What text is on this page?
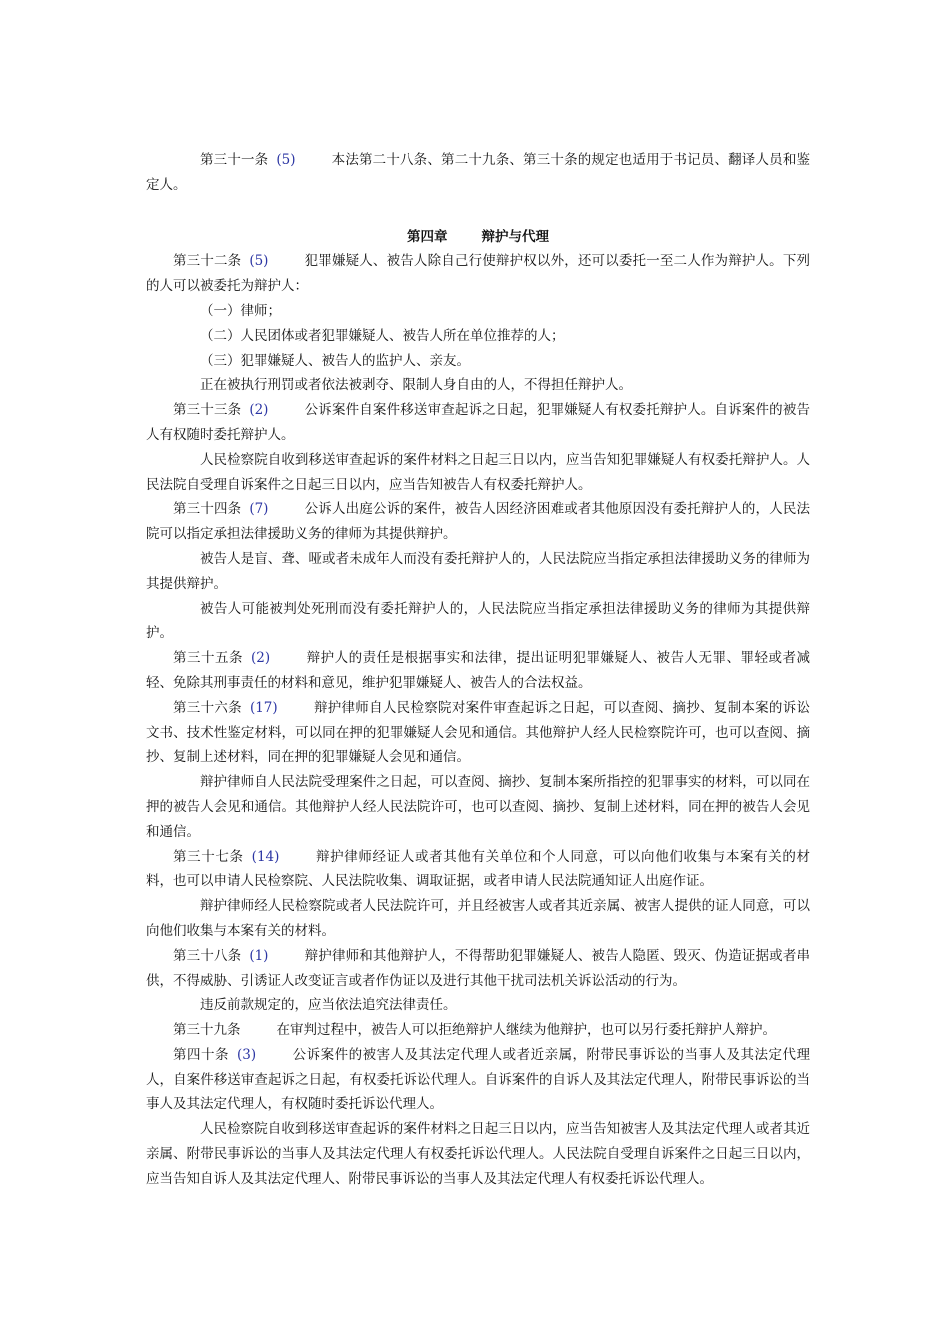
第三十一条 (5)	本法第二十八条、第二十九条、第三十条的规定也适用于书记员、翻译人员和鉴定人。

第四章	辩护与代理

第三十二条 (5)	犯罪嫌疑人、被告人除自己行使辩护权以外，还可以委托一至二人作为辩护人。下列的人可以被委托为辩护人：

（一）律师；

（二）人民团体或者犯罪嫌疑人、被告人所在单位推荐的人；

（三）犯罪嫌疑人、被告人的监护人、亲友。

正在被执行刑罚或者依法被剥夺、限制人身自由的人，不得担任辩护人。

第三十三条 (2)	公诉案件自案件移送审查起诉之日起，犯罪嫌疑人有权委托辩护人。自诉案件的被告人有权随时委托辩护人。

人民检察院自收到移送审查起诉的案件材料之日起三日以内，应当告知犯罪嫌疑人有权委托辩护人。人民法院自受理自诉案件之日起三日以内，应当告知被告人有权委托辩护人。

第三十四条 (7)	公诉人出庭公诉的案件，被告人因经济困难或者其他原因没有委托辩护人的，人民法院可以指定承担法律援助义务的律师为其提供辩护。

被告人是盲、聋、哑或者未成年人而没有委托辩护人的，人民法院应当指定承担法律援助义务的律师为其提供辩护。

被告人可能被判处死刑而没有委托辩护人的，人民法院应当指定承担法律援助义务的律师为其提供辩护。

第三十五条 (2)	辩护人的责任是根据事实和法律，提出证明犯罪嫌疑人、被告人无罪、罪轻或者减轻、免除其刑事责任的材料和意见，维护犯罪嫌疑人、被告人的合法权益。

第三十六条 (17)	辩护律师自人民检察院对案件审查起诉之日起，可以查阅、摘抄、复制本案的诉讼文书、技术性鉴定材料，可以同在押的犯罪嫌疑人会见和通信。其他辩护人经人民检察院许可，也可以查阅、摘抄、复制上述材料，同在押的犯罪嫌疑人会见和通信。

辩护律师自人民法院受理案件之日起，可以查阅、摘抄、复制本案所指控的犯罪事实的材料，可以同在押的被告人会见和通信。其他辩护人经人民法院许可，也可以查阅、摘抄、复制上述材料，同在押的被告人会见和通信。

第三十七条 (14)	辩护律师经证人或者其他有关单位和个人同意，可以向他们收集与本案有关的材料，也可以申请人民检察院、人民法院收集、调取证据，或者申请人民法院通知证人出庭作证。

辩护律师经人民检察院或者人民法院许可，并且经被害人或者其近亲属、被害人提供的证人同意，可以向他们收集与本案有关的材料。

第三十八条 (1)	辩护律师和其他辩护人，不得帮助犯罪嫌疑人、被告人隐匿、毁灭、伪造证据或者串供，不得威胁、引诱证人改变证言或者作伪证以及进行其他干扰司法机关诉讼活动的行为。

违反前款规定的，应当依法追究法律责任。

第三十九条	在审判过程中，被告人可以拒绝辩护人继续为他辩护，也可以另行委托辩护人辩护。

第四十条 (3)	公诉案件的被害人及其法定代理人或者近亲属，附带民事诉讼的当事人及其法定代理人，自案件移送审查起诉之日起，有权委托诉讼代理人。自诉案件的自诉人及其法定代理人，附带民事诉讼的当事人及其法定代理人，有权随时委托诉讼代理人。

人民检察院自收到移送审查起诉的案件材料之日起三日以内，应当告知被害人及其法定代理人或者其近亲属、附带民事诉讼的当事人及其法定代理人有权委托诉讼代理人。人民法院自受理自诉案件之日起三日以内，应当告知自诉人及其法定代理人、附带民事诉讼的当事人及其法定代理人有权委托诉讼代理人。
